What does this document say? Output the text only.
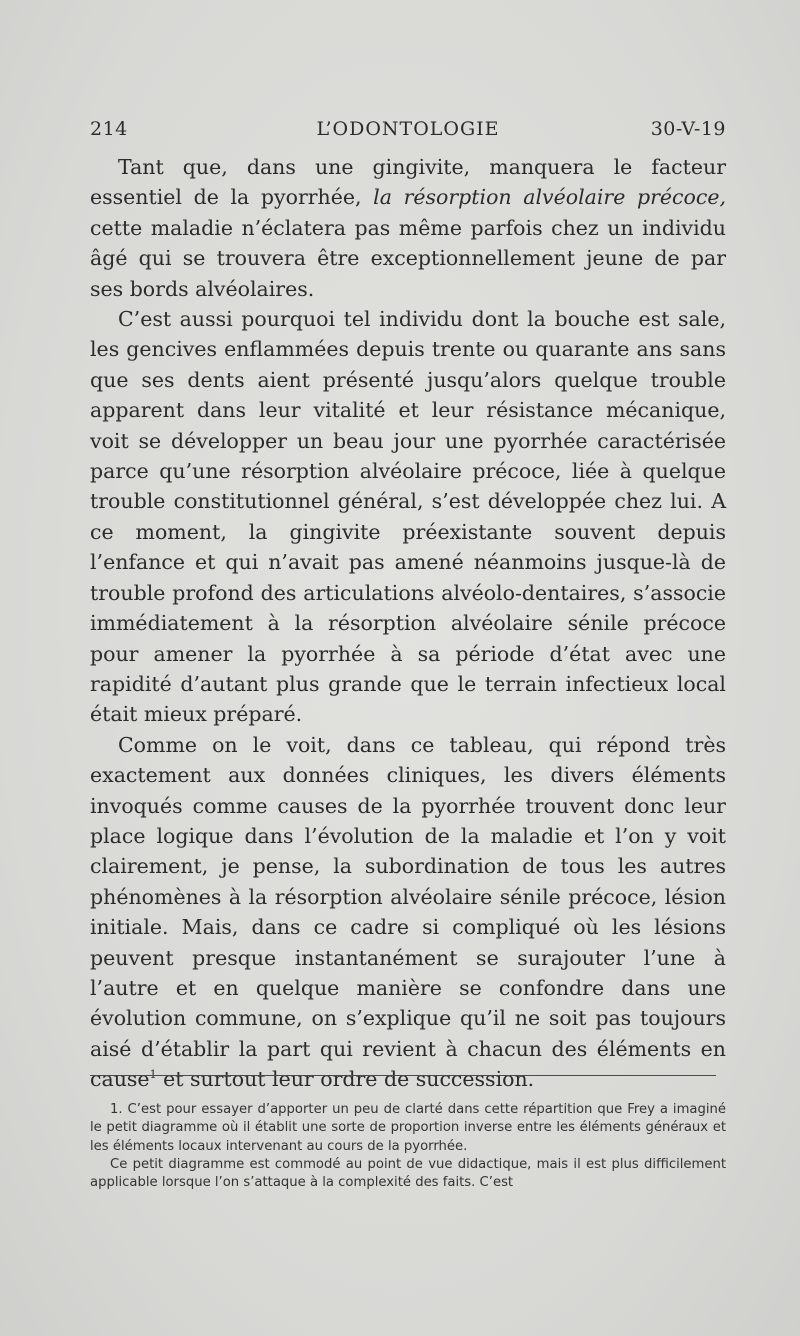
214	L’ODONTOLOGIE	30-V-19

Tant que, dans une gingivite, manquera le facteur essentiel de la pyorrhée, la résorption alvéolaire précoce, cette maladie n’éclatera pas même parfois chez un individu âgé qui se trouvera être exceptionnellement jeune de par ses bords alvéolaires.

C’est aussi pourquoi tel individu dont la bouche est sale, les gencives enflammées depuis trente ou quarante ans sans que ses dents aient présenté jusqu’alors quelque trouble apparent dans leur vitalité et leur résistance mécanique, voit se développer un beau jour une pyorrhée caractérisée parce qu’une résorption alvéolaire précoce, liée à quelque trouble constitutionnel général, s’est développée chez lui. A ce moment, la gingivite préexistante souvent depuis l’enfance et qui n’avait pas amené néanmoins jusque-là de trouble profond des articulations alvéolo-dentaires, s’associe immédiatement à la résorption alvéolaire sénile précoce pour amener la pyorrhée à sa période d’état avec une rapidité d’autant plus grande que le terrain infectieux local était mieux préparé.

Comme on le voit, dans ce tableau, qui répond très exactement aux données cliniques, les divers éléments invoqués comme causes de la pyorrhée trouvent donc leur place logique dans l’évolution de la maladie et l’on y voit clairement, je pense, la subordination de tous les autres phénomènes à la résorption alvéolaire sénile précoce, lésion initiale. Mais, dans ce cadre si compliqué où les lésions peuvent presque instantanément se surajouter l’une à l’autre et en quelque manière se confondre dans une évolution commune, on s’explique qu’il ne soit pas toujours aisé d’établir la part qui revient à chacun des éléments en cause$^1$ et surtout leur ordre de succession.

1. C’est pour essayer d’apporter un peu de clarté dans cette répartition que Frey a imaginé le petit diagramme où il établit une sorte de proportion inverse entre les éléments généraux et les éléments locaux intervenant au cours de la pyorrhée.

Ce petit diagramme est commodé au point de vue didactique, mais il est plus difficilement applicable lorsque l’on s’attaque à la complexité des faits. C’est
